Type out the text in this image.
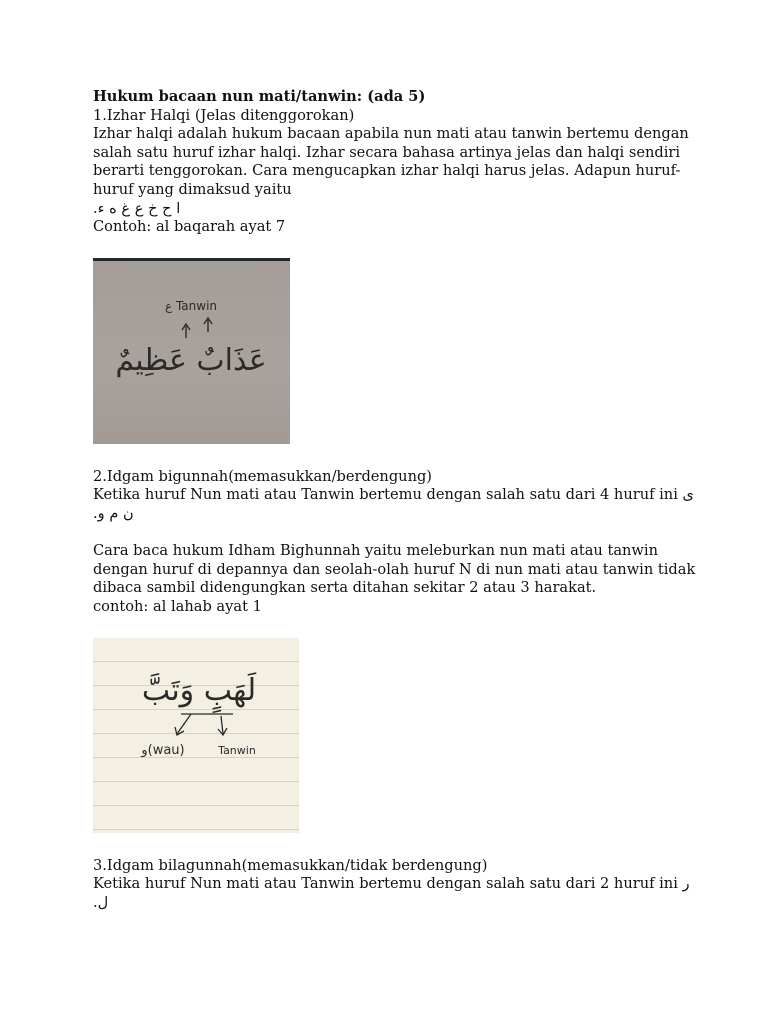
Hukum bacaan nun mati/tanwin: (ada 5)
1.Izhar Halqi (Jelas ditenggorokan)
Izhar halqi adalah hukum bacaan apabila nun mati atau tanwin bertemu dengan
salah satu huruf izhar halqi. Izhar secara bahasa artinya jelas dan halqi sendiri
berarti tenggorokan. Cara mengucapkan izhar halqi harus jelas. Adapun huruf-
huruf yang dimaksud yaitu
ا ح خ ع غ ه ء.
Contoh: al baqarah ayat 7
ع Tanwin
عَذَابٌ عَظِيمٌ
2.Idgam bigunnah(memasukkan/berdengung)
Ketika huruf Nun mati atau Tanwin bertemu dengan salah satu dari 4 huruf ini ى
ن م و.
Cara baca hukum Idham Bighunnah yaitu meleburkan nun mati atau tanwin
dengan huruf di depannya dan seolah-olah huruf N di nun mati atau tanwin tidak
dibaca sambil didengungkan serta ditahan sekitar 2 atau 3 harakat.
contoh: al lahab ayat 1
لَهَبٍ وَتَبَّ
و(wau)	Tanwin
3.Idgam bilagunnah(memasukkan/tidak berdengung)
Ketika huruf Nun mati atau Tanwin bertemu dengan salah satu dari 2 huruf ini ر
ل.
